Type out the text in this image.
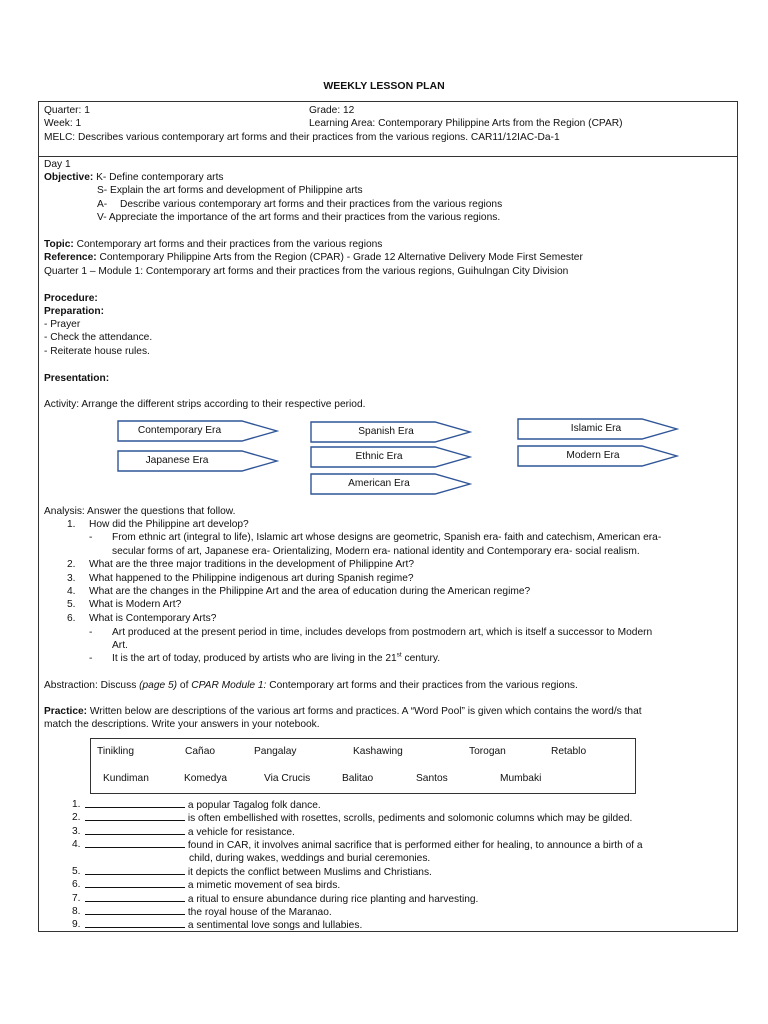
WEEKLY LESSON PLAN
Quarter: 1	Grade: 12
Week: 1	Learning Area: Contemporary Philippine Arts from the Region (CPAR)
MELC: Describes various contemporary art forms and their practices from the various regions. CAR11/12IAC-Da-1
Day 1
Objective: K- Define contemporary arts
S- Explain the art forms and development of Philippine arts
A- Describe various contemporary art forms and their practices from the various regions
V- Appreciate the importance of the art forms and their practices from the various regions.
Topic: Contemporary art forms and their practices from the various regions
Reference: Contemporary Philippine Arts from the Region (CPAR) - Grade 12 Alternative Delivery Mode First Semester
Quarter 1 – Module 1: Contemporary art forms and their practices from the various regions, Guihulngan City Division
Procedure:
Preparation:
- Prayer
- Check the attendance.
- Reiterate house rules.
Presentation:
Activity: Arrange the different strips according to their respective period.
Contemporary Era	Spanish Era	Islamic Era
Japanese Era	Ethnic Era	Modern Era
American Era
Analysis: Answer the questions that follow.
1. How did the Philippine art develop?
- From ethnic art (integral to life), Islamic art whose designs are geometric, Spanish era- faith and catechism, American era-
secular forms of art, Japanese era- Orientalizing, Modern era- national identity and Contemporary era- social realism.
2. What are the three major traditions in the development of Philippine Art?
3. What happened to the Philippine indigenous art during Spanish regime?
4. What are the changes in the Philippine Art and the area of education during the American regime?
5. What is Modern Art?
6. What is Contemporary Arts?
- Art produced at the present period in time, includes develops from postmodern art, which is itself a successor to Modern
Art.
- It is the art of today, produced by artists who are living in the 21st century.
Abstraction: Discuss (page 5) of CPAR Module 1: Contemporary art forms and their practices from the various regions.
Practice: Written below are descriptions of the various art forms and practices. A “Word Pool” is given which contains the word/s that
match the descriptions. Write your answers in your notebook.
Tinikling	Cañao	Pangalay	Kashawing	Torogan	Retablo
Kundiman	Komedya	Via Crucis	Balitao	Santos	Mumbaki
1.	a popular Tagalog folk dance.
2.	is often embellished with rosettes, scrolls, pediments and solomonic columns which may be gilded.
3.	a vehicle for resistance.
4.	found in CAR, it involves animal sacrifice that is performed either for healing, to announce a birth of a
child, during wakes, weddings and burial ceremonies.
5.	it depicts the conflict between Muslims and Christians.
6.	a mimetic movement of sea birds.
7.	a ritual to ensure abundance during rice planting and harvesting.
8.	the royal house of the Maranao.
9.	a sentimental love songs and lullabies.
